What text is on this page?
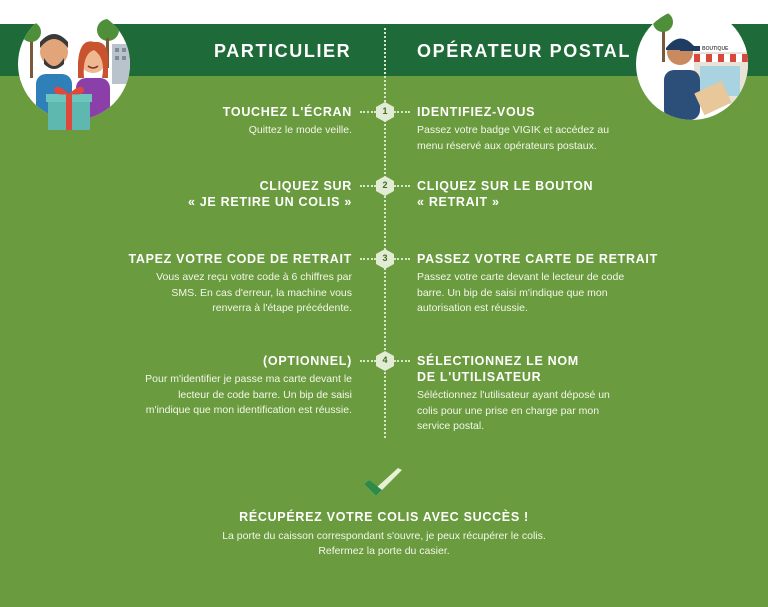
PARTICULIER	OPÉRATEUR POSTAL	BOUTIQUE
1
2
3
4
TOUCHEZ L'ÉCRAN
Quittez le mode veille.
IDENTIFIEZ-VOUS
Passez votre badge VIGIK et accédez au
menu réservé aux opérateurs postaux.
CLIQUEZ SUR
« JE RETIRE UN COLIS »
CLIQUEZ SUR LE BOUTON
« RETRAIT »
TAPEZ VOTRE CODE DE RETRAIT
Vous avez reçu votre code à 6 chiffres par
SMS. En cas d'erreur, la machine vous
renverra à l'étape précédente.
PASSEZ VOTRE CARTE DE RETRAIT
Passez votre carte devant le lecteur de code
barre. Un bip de saisi m'indique que mon
autorisation est réussie.
(OPTIONNEL)
Pour m'identifier je passe ma carte devant le
lecteur de code barre. Un bip de saisi
m'indique que mon identification est réussie.
SÉLECTIONNEZ LE NOM
DE L'UTILISATEUR
Séléctionnez l'utilisateur ayant déposé un
colis pour une prise en charge par mon
service postal.
RÉCUPÉREZ VOTRE COLIS AVEC SUCCÈS !
La porte du caisson correspondant s'ouvre, je peux récupérer le colis.
Refermez la porte du casier.
